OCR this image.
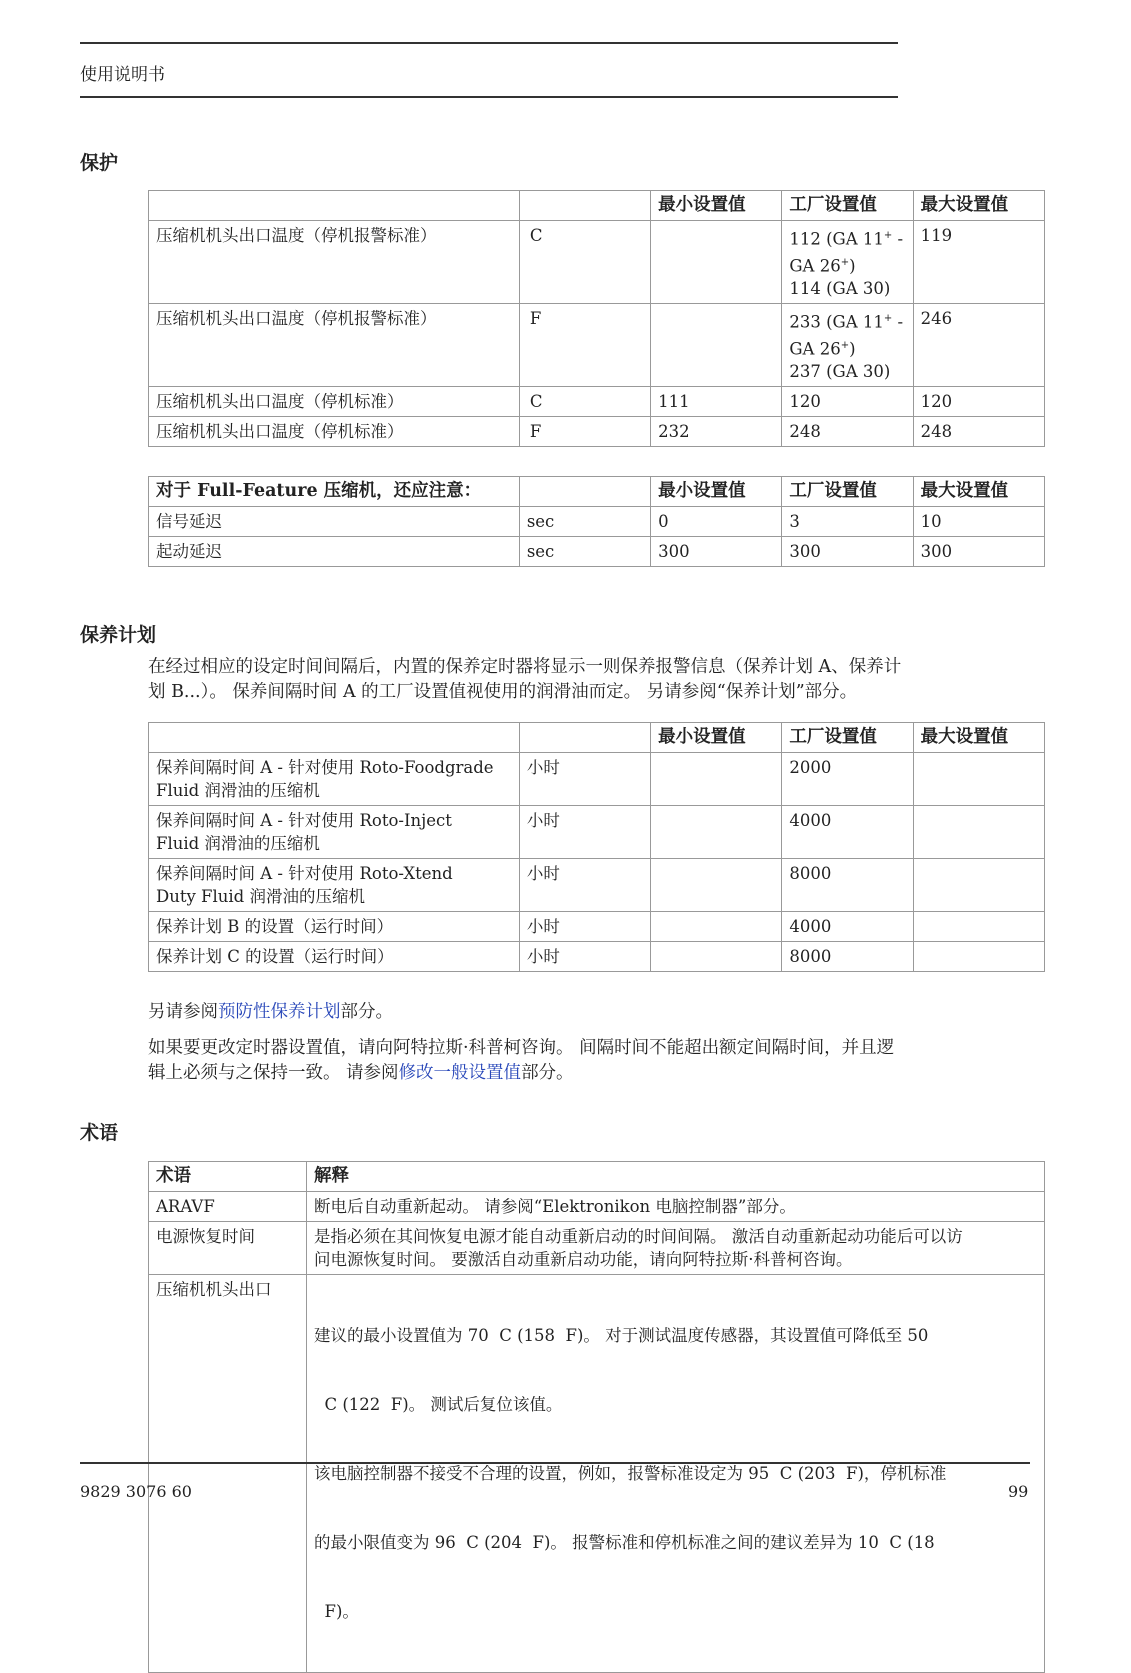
使用说明书
保护
		最小设置值	工厂设置值	最大设置值
压缩机机头出口温度（停机报警标准）	C		112 (GA 11+ -
GA 26+)
114 (GA 30)	119
压缩机机头出口温度（停机报警标准）	F		233 (GA 11+ -
GA 26+)
237 (GA 30)	246
压缩机机头出口温度（停机标准）	C	111	120	120
压缩机机头出口温度（停机标准）	F	232	248	248
对于 Full-Feature 压缩机，还应注意：		最小设置值	工厂设置值	最大设置值
信号延迟	sec	0	3	10
起动延迟	sec	300	300	300
保养计划
在经过相应的设定时间间隔后，内置的保养定时器将显示一则保养报警信息（保养计划 A、保养计
划 B...）。 保养间隔时间 A 的工厂设置值视使用的润滑油而定。 另请参阅“保养计划”部分。
		最小设置值	工厂设置值	最大设置值

保养间隔时间 A - 针对使用 Roto-Foodgrade
Fluid 润滑油的压缩机	小时		2000	

保养间隔时间 A - 针对使用 Roto-Inject
Fluid 润滑油的压缩机	小时		4000	

保养间隔时间 A - 针对使用 Roto-Xtend
Duty Fluid 润滑油的压缩机	小时		8000	
保养计划 B 的设置（运行时间）	小时		4000	
保养计划 C 的设置（运行时间）	小时		8000	
另请参阅预防性保养计划部分。
如果要更改定时器设置值，请向阿特拉斯·科普柯咨询。 间隔时间不能超出额定间隔时间，并且逻
辑上必须与之保持一致。 请参阅修改一般设置值部分。
术语
术语	解释
ARAVF	断电后自动重新起动。 请参阅“Elektronikon 电脑控制器”部分。

电源恢复时间	是指必须在其间恢复电源才能自动重新启动的时间间隔。 激活自动重新起动功能后可以访
问电源恢复时间。 要激活自动重新启动功能，请向阿特拉斯·科普柯咨询。

压缩机机头出口	建议的最小设置值为 70  C (158  F)。 对于测试温度传感器，其设置值可降低至 50

C (122  F)。 测试后复位该值。

该电脑控制器不接受不合理的设置，例如，报警标准设定为 95  C (203  F)，停机标准

的最小限值变为 96  C (204  F)。 报警标准和停机标准之间的建议差异为 10  C (18

F)。

9829 3076 60	99
